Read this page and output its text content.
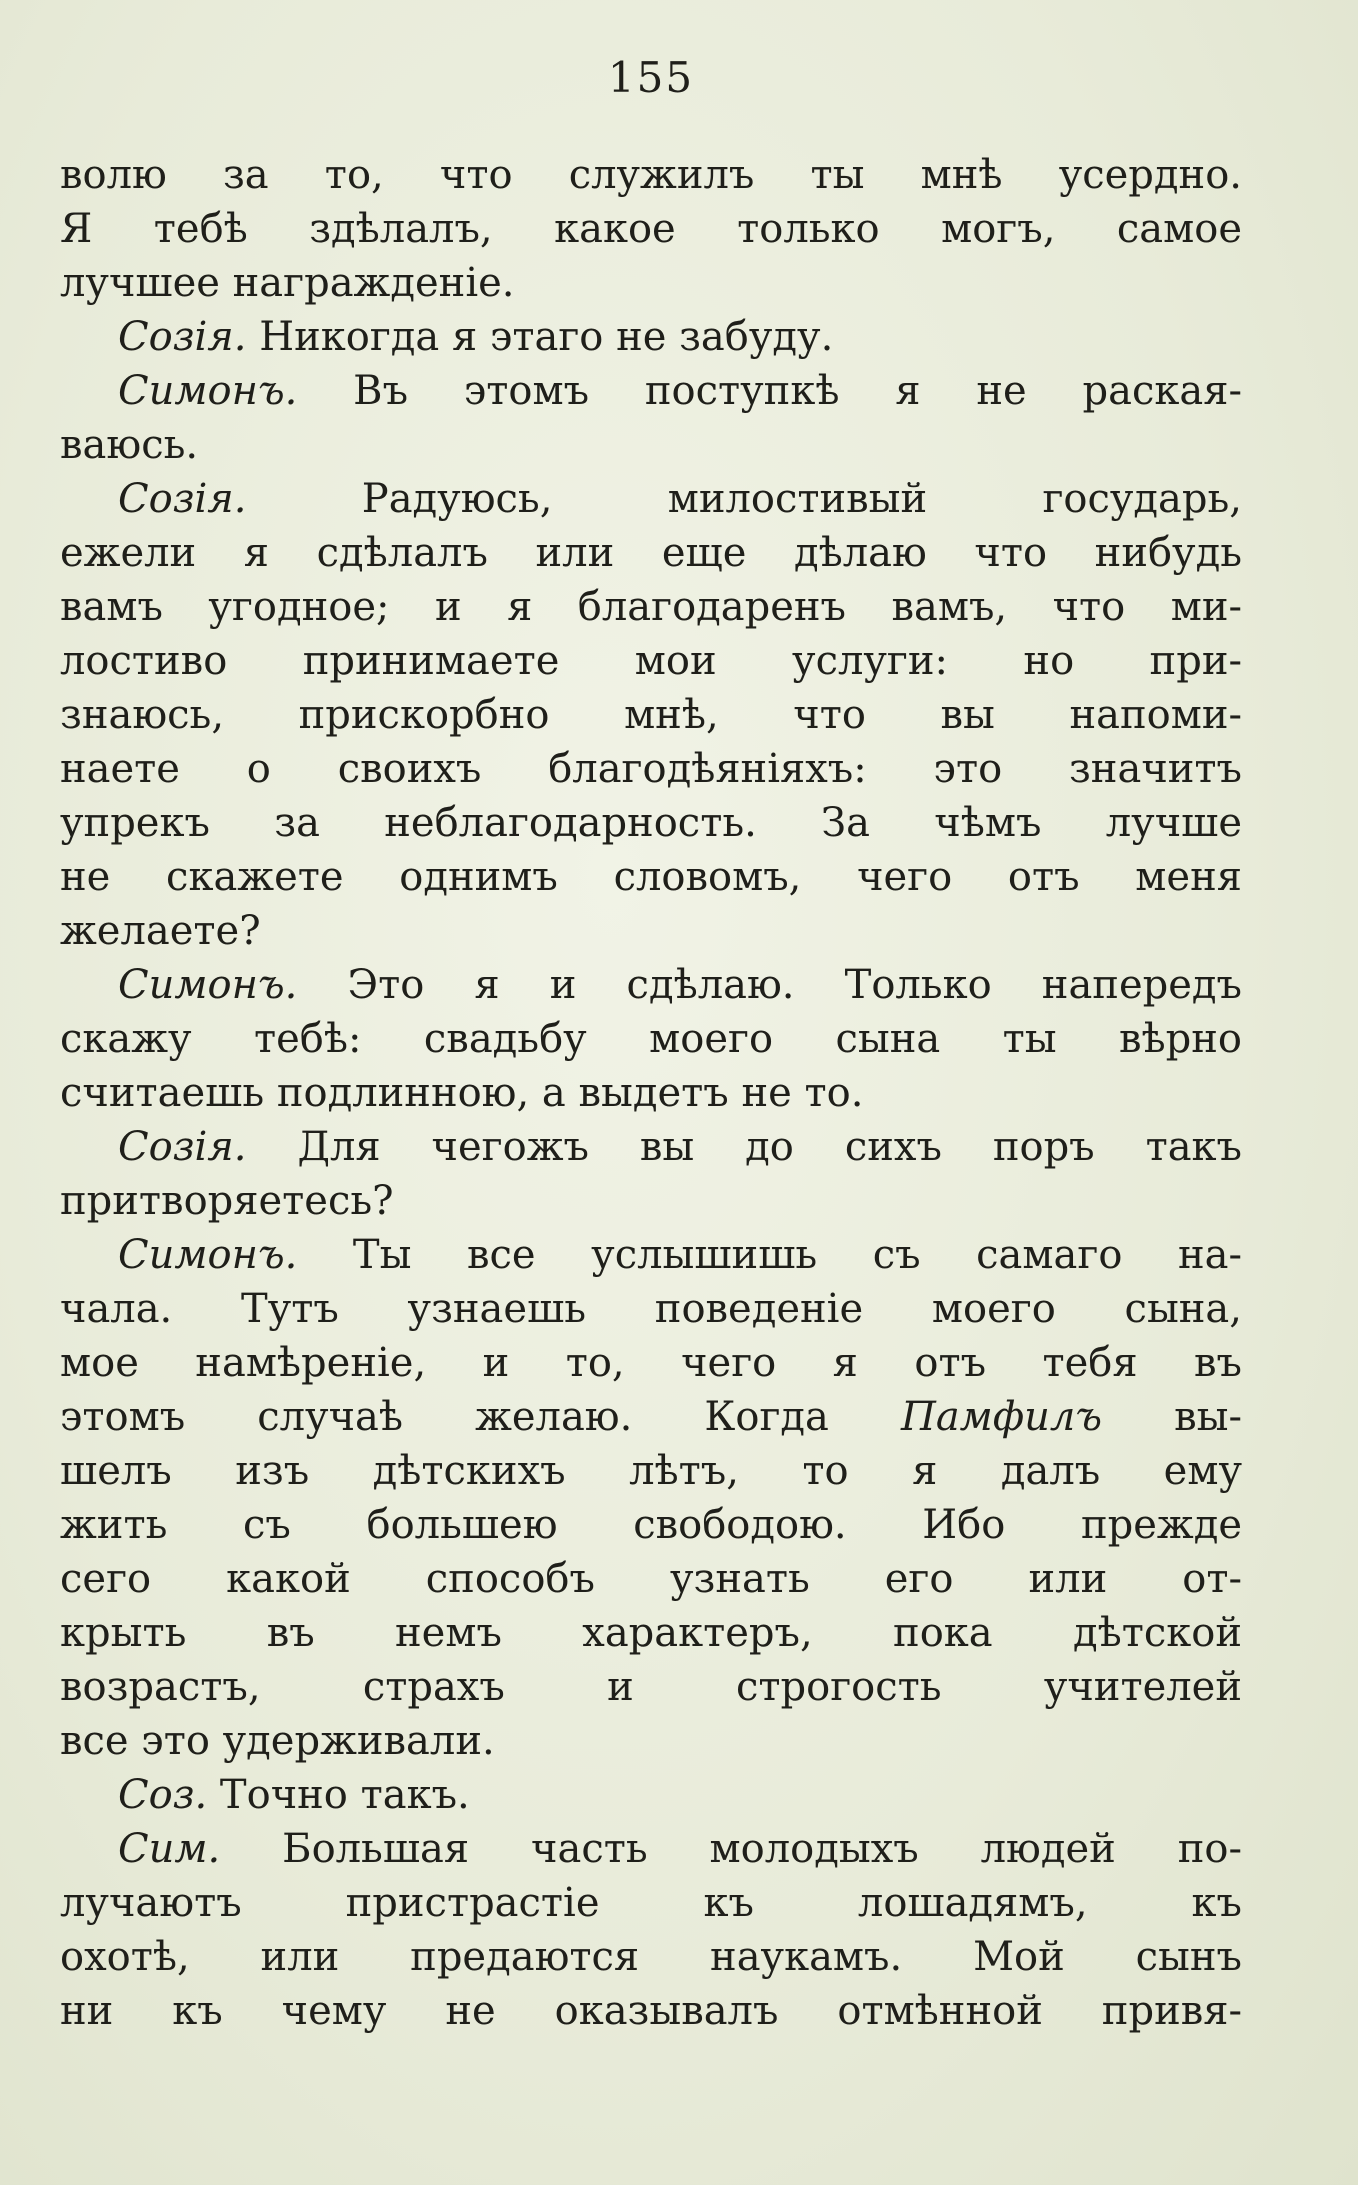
155
волю за то, что служилъ ты мнѣ усердно.
Я тебѣ здѣлалъ, какое только могъ, самое
лучшее награжденіе.
Созія. Никогда я этаго не забуду.
Симонъ. Въ этомъ поступкѣ я не раская-
ваюсь.
Созія. Радуюсь, милостивый государь,
ежели я сдѣлалъ или еще дѣлаю что нибудь
вамъ угодное; и я благодаренъ вамъ, что ми-
лостиво принимаете мои услуги: но при-
знаюсь, прискорбно мнѣ, что вы напоми-
наете о своихъ благодѣяніяхъ: это значитъ
упрекъ за неблагодарность. За чѣмъ лучше
не скажете однимъ словомъ, чего отъ меня
желаете?
Симонъ. Это я и сдѣлаю. Только напередъ
скажу тебѣ: свадьбу моего сына ты вѣрно
считаешь подлинною, а выдетъ не то.
Созія. Для чегожъ вы до сихъ поръ такъ
притворяетесь?
Симонъ. Ты все услышишь съ самаго на-
чала. Тутъ узнаешь поведеніе моего сына,
мое намѣреніе, и то, чего я отъ тебя въ
этомъ случаѣ желаю. Когда Памфилъ вы-
шелъ изъ дѣтскихъ лѣтъ, то я далъ ему
жить съ большею свободою. Ибо прежде
сего какой способъ узнать его или от-
крыть въ немъ характеръ, пока дѣтской
возрастъ, страхъ и строгость учителей
все это удерживали.
Соз. Точно такъ.
Сим. Большая часть молодыхъ людей по-
лучаютъ пристрастіе къ лошадямъ, къ
охотѣ, или предаются наукамъ. Мой сынъ
ни къ чему не оказывалъ отмѣнной привя-
